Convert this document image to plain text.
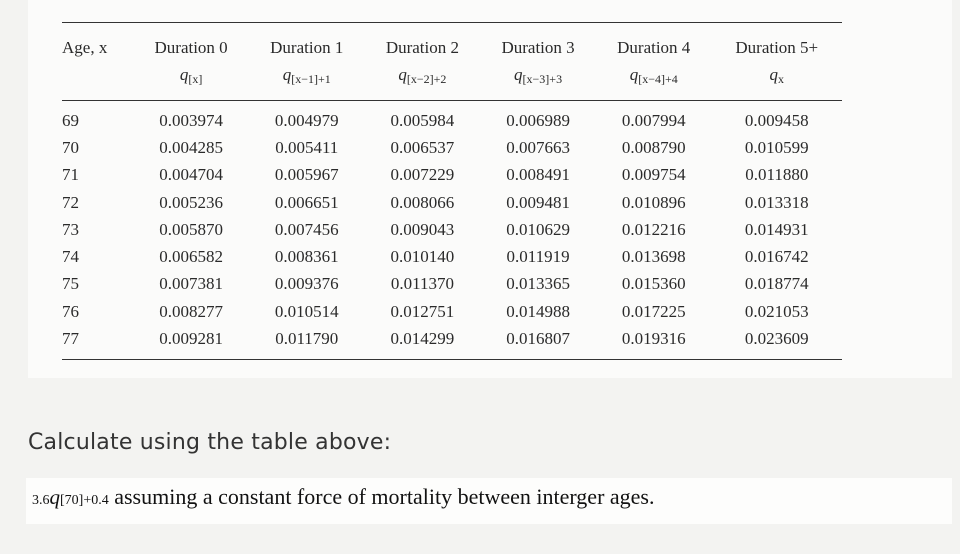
Age, x	Duration 0	Duration 1	Duration 2	Duration 3	Duration 4	Duration 5+
	$q_{[x]}$	$q_{[x-1]+1}$	$q_{[x-2]+2}$	$q_{[x-3]+3}$	$q_{[x-4]+4}$	$q_x$
69	0.003974	0.004979	0.005984	0.006989	0.007994	0.009458
70	0.004285	0.005411	0.006537	0.007663	0.008790	0.010599
71	0.004704	0.005967	0.007229	0.008491	0.009754	0.011880
72	0.005236	0.006651	0.008066	0.009481	0.010896	0.013318
73	0.005870	0.007456	0.009043	0.010629	0.012216	0.014931
74	0.006582	0.008361	0.010140	0.011919	0.013698	0.016742
75	0.007381	0.009376	0.011370	0.013365	0.015360	0.018774
76	0.008277	0.010514	0.012751	0.014988	0.017225	0.021053
77	0.009281	0.011790	0.014299	0.016807	0.019316	0.023609
Calculate using the table above:
3.6q[70]+0.4 assuming a constant force of mortality between interger ages.
